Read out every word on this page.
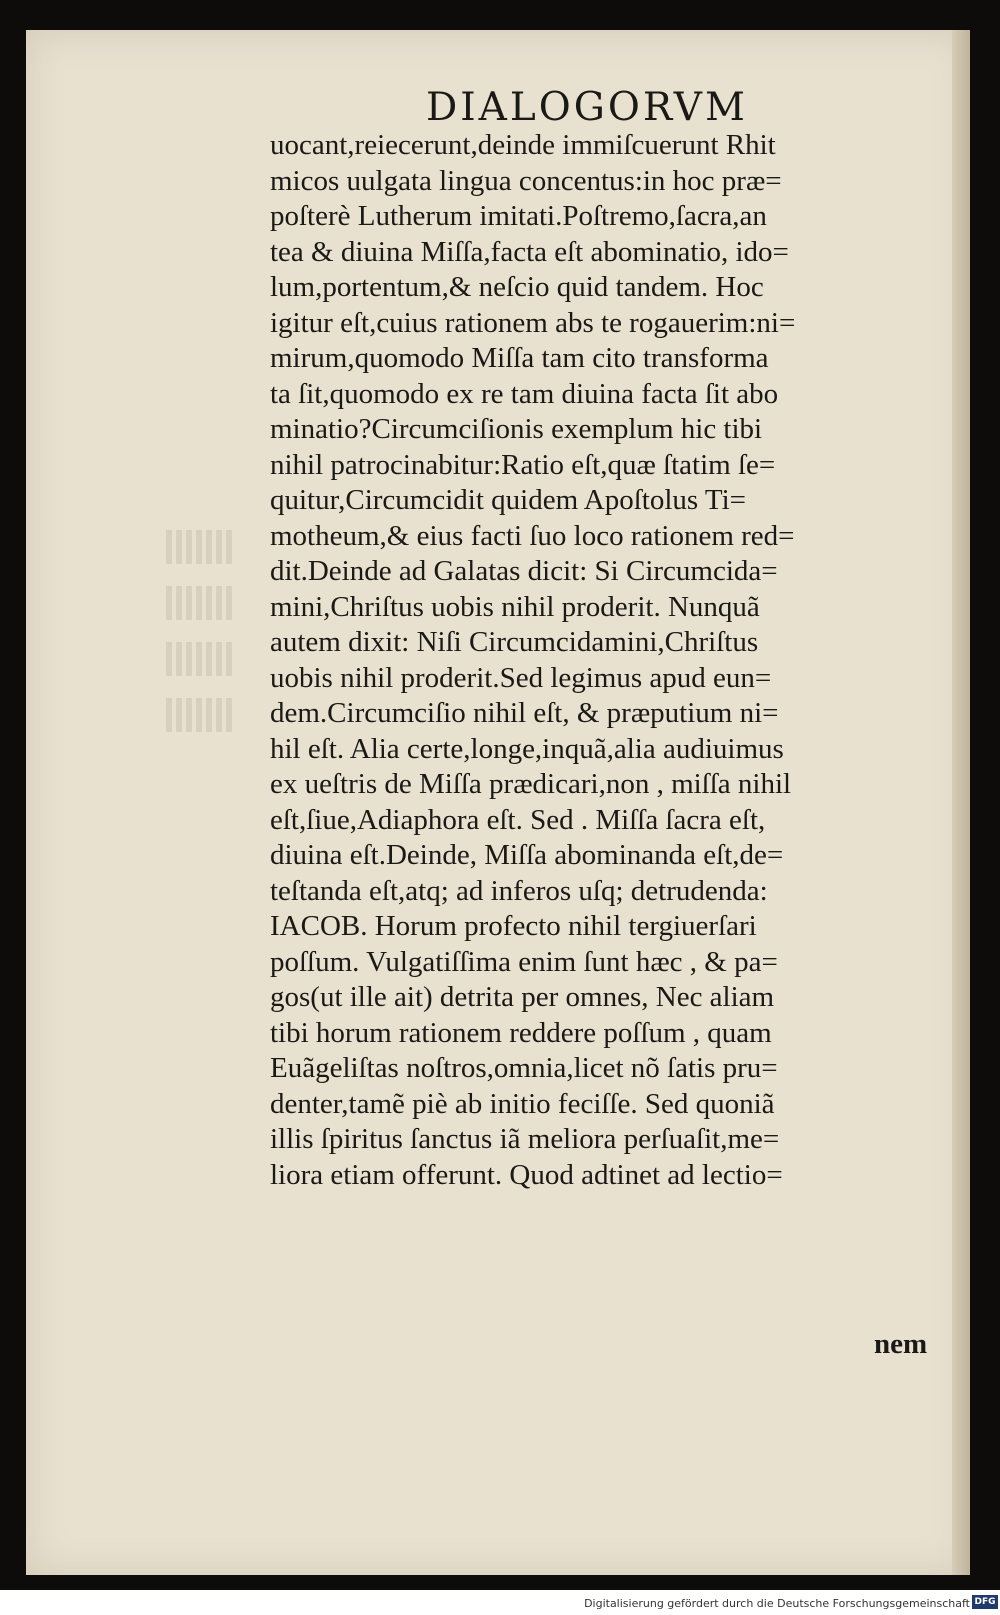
DIALOGORVM
uocant,reiecerunt,deinde immiſcuerunt Rhit
micos uulgata lingua concentus:in hoc præ=
poſterè Lutherum imitati.Poſtremo,ſacra,an
tea & diuina Miſſa,facta eſt abominatio, ido=
lum,portentum,& neſcio quid tandem. Hoc
igitur eſt,cuius rationem abs te rogauerim:ni=
mirum,quomodo Miſſa tam cito transforma
ta ſit,quomodo ex re tam diuina facta ſit abo
minatio?Circumciſionis exemplum hic tibi
nihil patrocinabitur:Ratio eſt,quæ ſtatim ſe=
quitur,Circumcidit quidem Apoſtolus Ti=
motheum,& eius facti ſuo loco rationem red=
dit.Deinde ad Galatas dicit: Si Circumcida=
mini,Chriſtus uobis nihil proderit. Nunquã
autem dixit: Niſi Circumcidamini,Chriſtus
uobis nihil proderit.Sed legimus apud eun=
dem.Circumciſio nihil eſt, & præputium ni=
hil eſt. Alia certe,longe,inquã,alia audiuimus
ex ueſtris de Miſſa prædicari,non , miſſa nihil
eſt,ſiue,Adiaphora eſt. Sed . Miſſa ſacra eſt,
diuina eſt.Deinde, Miſſa abominanda eſt,de=
teſtanda eſt,atq; ad inferos uſq; detrudenda:
IACOB. Horum profecto nihil tergiuerſari
poſſum. Vulgatiſſima enim ſunt hæc , & pa=
gos(ut ille ait) detrita per omnes, Nec aliam
tibi horum rationem reddere poſſum , quam
Euãgeliſtas noſtros,omnia,licet nõ ſatis pru=
denter,tamẽ piè ab initio feciſſe. Sed quoniã
illis ſpiritus ſanctus iã meliora perſuaſit,me=
liora etiam offerunt. Quod adtinet ad lectio=
nem
Digitalisierung gefördert durch die Deutsche Forschungsgemeinschaft DFG
